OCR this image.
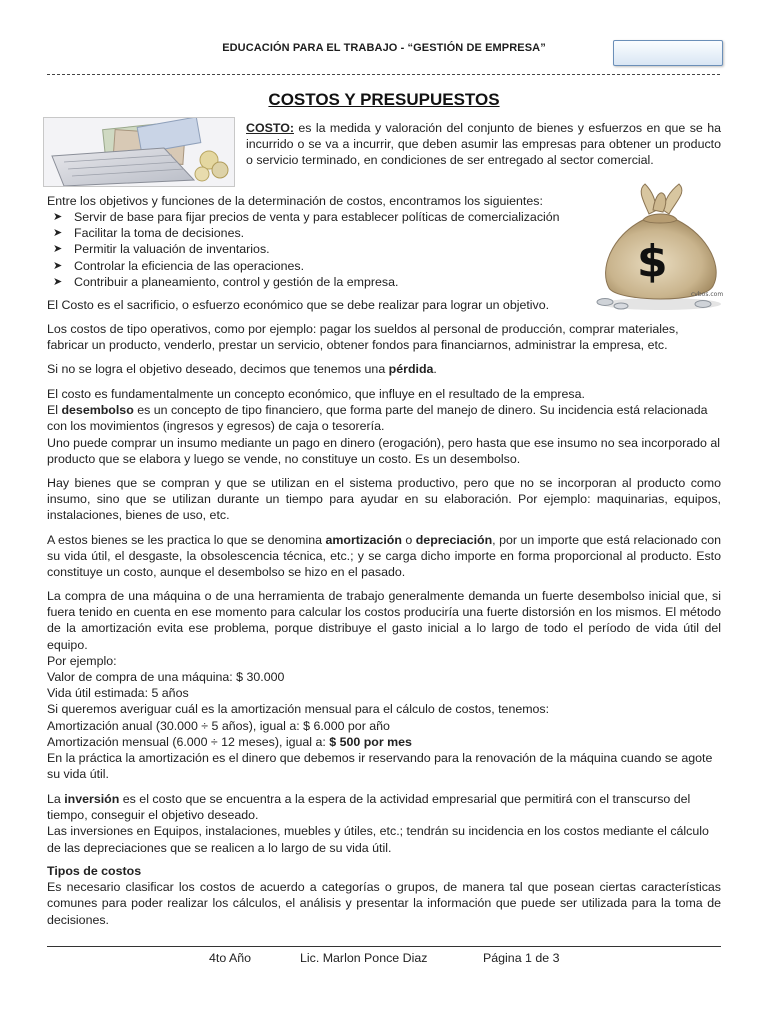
EDUCACIÓN PARA EL TRABAJO - “GESTIÓN DE EMPRESA”
COSTOS Y PRESUPUESTOS
COSTO: es la medida y valoración del conjunto de bienes y esfuerzos en que se ha incurrido o se va a incurrir, que deben asumir las empresas para obtener un producto o servicio terminado, en condiciones de ser entregado al sector comercial.
Entre los objetivos y funciones de la determinación de costos, encontramos los siguientes:
➤ Servir de base para fijar precios de venta y para establecer políticas de comercialización
➤ Facilitar la toma de decisiones.
➤ Permitir la valuación de inventarios.
➤ Controlar la eficiencia de las operaciones.
➤ Contribuir a planeamiento, control y gestión de la empresa.	$
cvbos.com
El Costo es el sacrificio, o esfuerzo económico que se debe realizar para lograr un objetivo.
Los costos de tipo operativos, como por ejemplo: pagar los sueldos al personal de producción, comprar materiales, fabricar un producto, venderlo, prestar un servicio, obtener fondos para financiarnos, administrar la empresa, etc.
Si no se logra el objetivo deseado, decimos que tenemos una pérdida.
El costo es fundamentalmente un concepto económico, que influye en el resultado de la empresa.
El desembolso es un concepto de tipo financiero, que forma parte del manejo de dinero. Su incidencia está relacionada con los movimientos (ingresos y egresos) de caja o tesorería.
Uno puede comprar un insumo mediante un pago en dinero (erogación), pero hasta que ese insumo no sea incorporado al producto que se elabora y luego se vende, no constituye un costo. Es un desembolso.
Hay bienes que se compran y que se utilizan en el sistema productivo, pero que no se incorporan al producto como insumo, sino que se utilizan durante un tiempo para ayudar en su elaboración. Por ejemplo: maquinarias, equipos, instalaciones, bienes de uso, etc.
A estos bienes se les practica lo que se denomina amortización o depreciación, por un importe que está relacionado con su vida útil, el desgaste, la obsolescencia técnica, etc.; y se carga dicho importe en forma proporcional al producto. Esto constituye un costo, aunque el desembolso se hizo en el pasado.
La compra de una máquina o de una herramienta de trabajo generalmente demanda un fuerte desembolso inicial que, si fuera tenido en cuenta en ese momento para calcular los costos produciría una fuerte distorsión en los mismos. El método de la amortización evita ese problema, porque distribuye el gasto inicial a lo largo de todo el período de vida útil del equipo.
Por ejemplo:
Valor de compra de una máquina: $ 30.000
Vida útil estimada: 5 años
Si queremos averiguar cuál es la amortización mensual para el cálculo de costos, tenemos:
Amortización anual (30.000 ÷ 5 años), igual a: $ 6.000 por año
Amortización mensual (6.000 ÷ 12 meses), igual a: $ 500 por mes
En la práctica la amortización es el dinero que debemos ir reservando para la renovación de la máquina cuando se agote su vida útil.
La inversión es el costo que se encuentra a la espera de la actividad empresarial que permitirá con el transcurso del tiempo, conseguir el objetivo deseado.
Las inversiones en Equipos, instalaciones, muebles y útiles, etc.; tendrán su incidencia en los costos mediante el cálculo de las depreciaciones que se realicen a lo largo de su vida útil.
Tipos de costos
Es necesario clasificar los costos de acuerdo a categorías o grupos, de manera tal que posean ciertas características comunes para poder realizar los cálculos, el análisis y presentar la información que puede ser utilizada para la toma de decisiones.
4to Año	Lic. Marlon Ponce Diaz	Página 1 de 3
